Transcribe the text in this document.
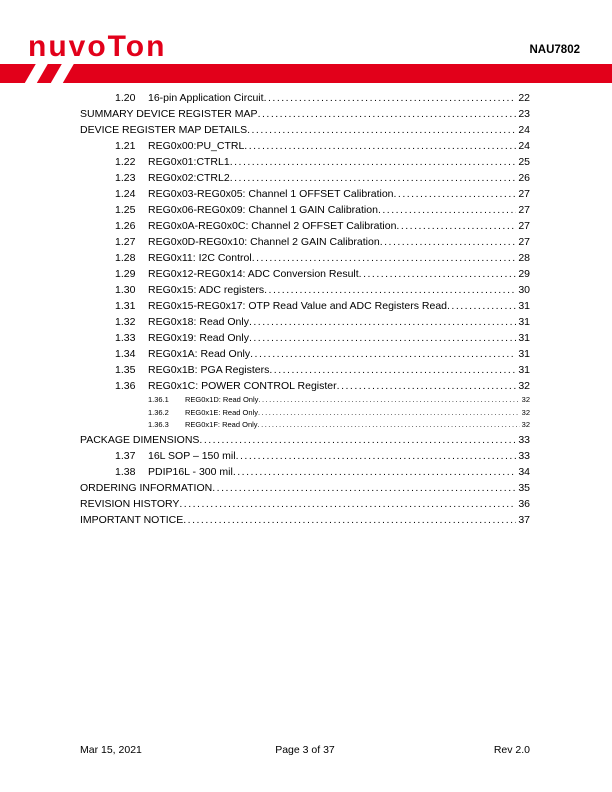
nuvoTon	NAU7802
1.20	16-pin Application Circuit .....	22
SUMMARY DEVICE REGISTER MAP .....	23
DEVICE REGISTER MAP DETAILS .....	24
1.21	REG0x00:PU_CTRL .....	24
1.22	REG0x01:CTRL1 .....	25
1.23	REG0x02:CTRL2 .....	26
1.24	REG0x03-REG0x05: Channel 1 OFFSET Calibration .....	27
1.25	REG0x06-REG0x09: Channel 1 GAIN Calibration .....	27
1.26	REG0x0A-REG0x0C: Channel 2 OFFSET Calibration .....	27
1.27	REG0x0D-REG0x10: Channel 2 GAIN Calibration .....	27
1.28	REG0x11: I2C Control .....	28
1.29	REG0x12-REG0x14: ADC Conversion Result .....	29
1.30	REG0x15: ADC registers .....	30
1.31	REG0x15-REG0x17: OTP Read Value and ADC Registers Read .....	31
1.32	REG0x18: Read Only .....	31
1.33	REG0x19: Read Only .....	31
1.34	REG0x1A: Read Only .....	31
1.35	REG0x1B: PGA Registers .....	31
1.36	REG0x1C: POWER CONTROL Register .....	32
1.36.1	REG0x1D: Read Only .....	32
1.36.2	REG0x1E: Read Only .....	32
1.36.3	REG0x1F: Read Only .....	32
PACKAGE DIMENSIONS .....	33
1.37	16L SOP – 150 mil .....	33
1.38	PDIP16L - 300 mil .....	34
ORDERING INFORMATION .....	35
REVISION HISTORY .....	36
IMPORTANT NOTICE .....	37
Mar 15, 2021	Page 3 of 37	Rev 2.0
